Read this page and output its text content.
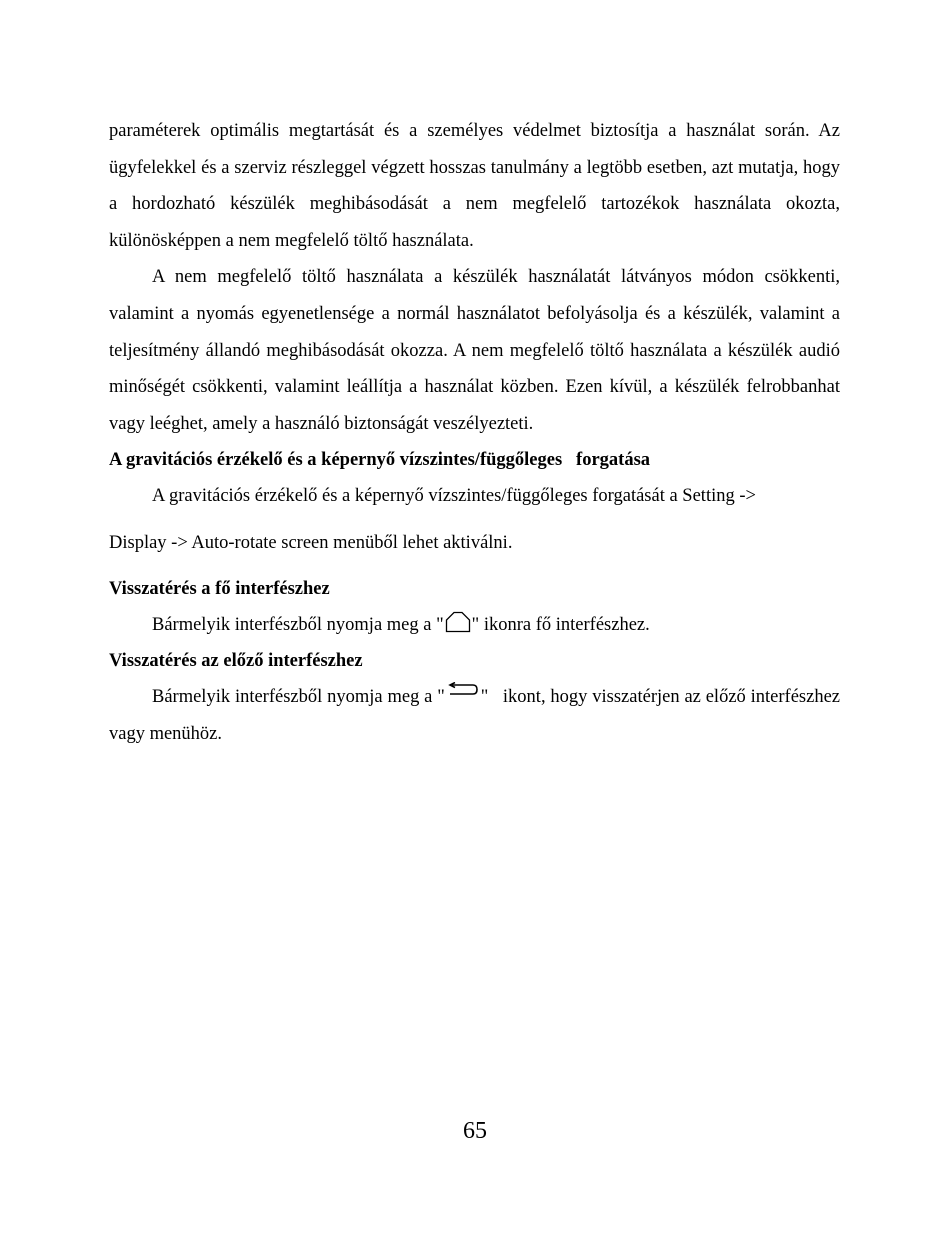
paraméterek optimális megtartását és a személyes védelmet biztosítja a használat során. Az ügyfelekkel és a szerviz részleggel végzett hosszas tanulmány a legtöbb esetben, azt mutatja, hogy a hordozható készülék meghibásodását a nem megfelelő tartozékok használata okozta, különösképpen a nem megfelelő töltő használata.

A nem megfelelő töltő használata a készülék használatát látványos módon csökkenti, valamint a nyomás egyenetlensége a normál használatot befolyásolja és a készülék, valamint a teljesítmény állandó meghibásodását okozza. A nem megfelelő töltő használata a készülék audió minőségét csökkenti, valamint leállítja a használat közben. Ezen kívül, a készülék felrobbanhat vagy leéghet, amely a használó biztonságát veszélyezteti.

A gravitációs érzékelő és a képernyő vízszintes/függőleges   forgatása

A gravitációs érzékelő és a képernyő vízszintes/függőleges forgatását a Setting ->

Display -> Auto-rotate screen menüből lehet aktiválni.

Visszatérés a fő interfészhez

Bármelyik interfészből nyomja meg a " " ikonra fő interfészhez.

Visszatérés az előző interfészhez

Bármelyik interfészből nyomja meg a " "   ikont, hogy visszatérjen az előző interfészhez vagy menühöz.

65
